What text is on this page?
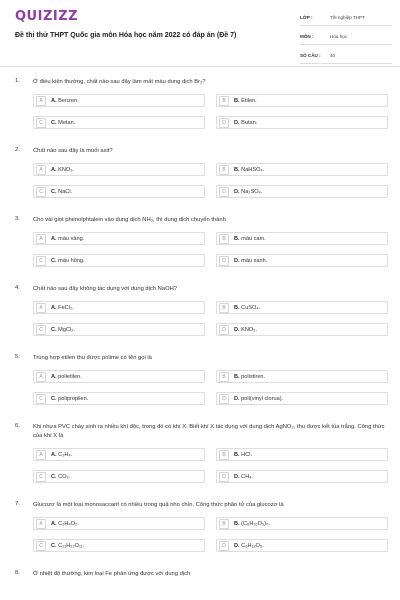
QUIZIZZ
Đề thi thử THPT Quốc gia môn Hóa học năm 2022 có đáp án (Đề 7)
LỚP :	Tốt nghiệp THPT
MÔN :	Hóa học
SỐ CÂU :	40
1. Ở điều kiện thường, chất nào sau đây làm mất màu dung dịch Br₂?
A	A. Benzen.	B	B. Etilen.
C	C. Metan.	D	D. Butan.
2. Chất nào sau đây là muối axit?
A	A. KNO₃.	B	B. NaHSO₄.
C	C. NaCl.	D	D. Na₂SO₄.
3. Cho vài giọt phenolphtalein vào dung dịch NH₃, thì dung dịch chuyển thành
A	A. màu vàng.	B	B. màu cam.
C	C. màu hồng.	D	D. màu xanh.
4. Chất nào sau đây không tác dụng với dung dịch NaOH?
A	A. FeCl₂.	B	B. CuSO₄.
C	C. MgCl₂.	D	D. KNO₃.
5. Trùng hợp etilen thu được polime có tên gọi là
A	A. polietilen.	B	B. polistiren.
C	C. polipropilen.	D	D. poli(vinyl clorua).
6. Khi nhựa PVC cháy sinh ra nhiều khí độc, trong đó có khí X. Biết khí X tác dụng với dung dịch AgNO₃, thu được kết tủa trắng. Công thức của khí X là
A	A. C₂H₄.	B	B. HCl.
C	C. CO₂.	D	D. CH₄.
7. Glucozơ là một loại monosaccarit có nhiều trong quả nho chín. Công thức phân tử của glucozơ là
A	A. C₂H₄O₂.	B	B. (C₆H₁₀O₅)ₙ.
C	C. C₁₂H₂₂O₁₁.	D	D. C₆H₁₂O₆.
8. Ở nhiệt độ thường, kim loại Fe phản ứng được với dung dịch
